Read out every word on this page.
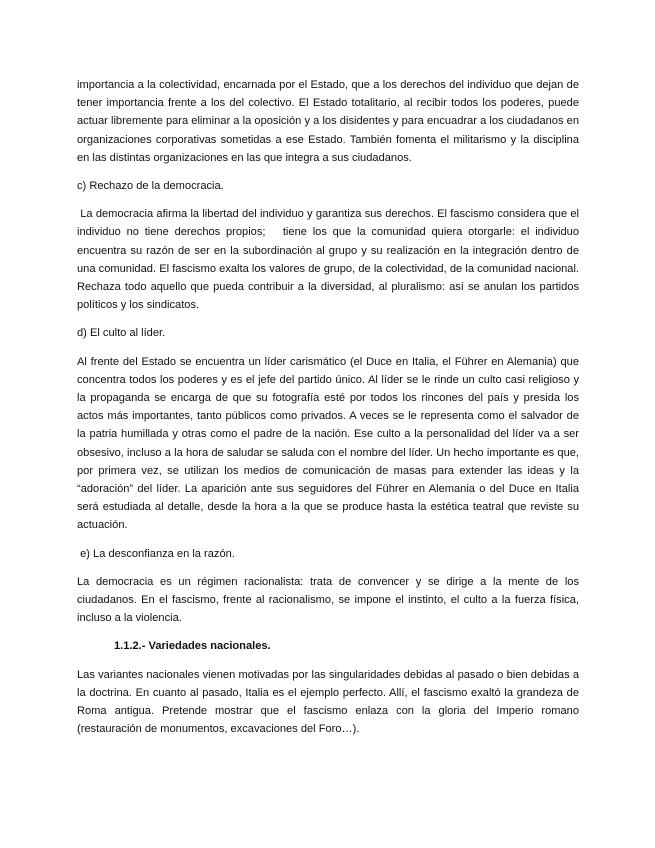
importancia a la colectividad, encarnada por el Estado, que a los derechos del individuo que dejan de tener importancia frente a los del colectivo. El Estado totalitario, al recibir todos los poderes, puede actuar libremente para eliminar a la oposición y a los disidentes y para encuadrar a los ciudadanos en organizaciones corporativas sometidas a ese Estado. También fomenta el militarismo y la disciplina en las distintas organizaciones en las que integra a sus ciudadanos.

c) Rechazo de la democracia.

La democracia afirma la libertad del individuo y garantiza sus derechos. El fascismo considera que el  individuo no tiene derechos propios;   tiene los que la comunidad quiera otorgarle: el individuo encuentra su razón de ser en la subordinación al grupo y su realización en la integración dentro de una comunidad. El fascismo exalta los valores de grupo, de la colectividad, de la comunidad nacional. Rechaza todo aquello que pueda contribuir a la diversidad, al pluralismo: así se anulan los partidos políticos y los sindicatos.

d) El culto al líder.

Al frente del Estado se encuentra un líder carismático (el Duce en Italia, el Führer en Alemania) que concentra todos los poderes y es el jefe del partido único. Al líder se le rinde un culto casi religioso y la propaganda se encarga de que su fotografía esté por todos los rincones del país y presida los actos más importantes, tanto públicos como privados. A veces se le representa como el salvador de la patria humillada y otras como el padre de la nación. Ese culto a la personalidad del líder va a ser obsesivo, incluso a la hora de saludar se saluda con el nombre del líder. Un hecho importante es que, por primera vez, se utilizan los medios de comunicación de masas para extender las ideas y la “adoración” del líder. La aparición ante sus seguidores del Führer en Alemania o del Duce en Italia será estudiada al detalle, desde la hora a la que se produce hasta la estética teatral que reviste su actuación.

e) La desconfianza en la razón.

La democracia es un régimen racionalista: trata de convencer y se dirige a la mente de los ciudadanos. En el fascismo, frente al racionalismo, se impone el instinto, el culto a la fuerza física, incluso a la violencia.

1.1.2.- Variedades nacionales.

Las variantes nacionales vienen motivadas por las singularidades debidas al pasado o bien debidas a la doctrina. En cuanto al pasado, Italia es el ejemplo perfecto. Allí, el fascismo exaltó la grandeza de Roma antigua. Pretende mostrar que el fascismo enlaza con la gloria del Imperio romano (restauración de monumentos, excavaciones del Foro…).
